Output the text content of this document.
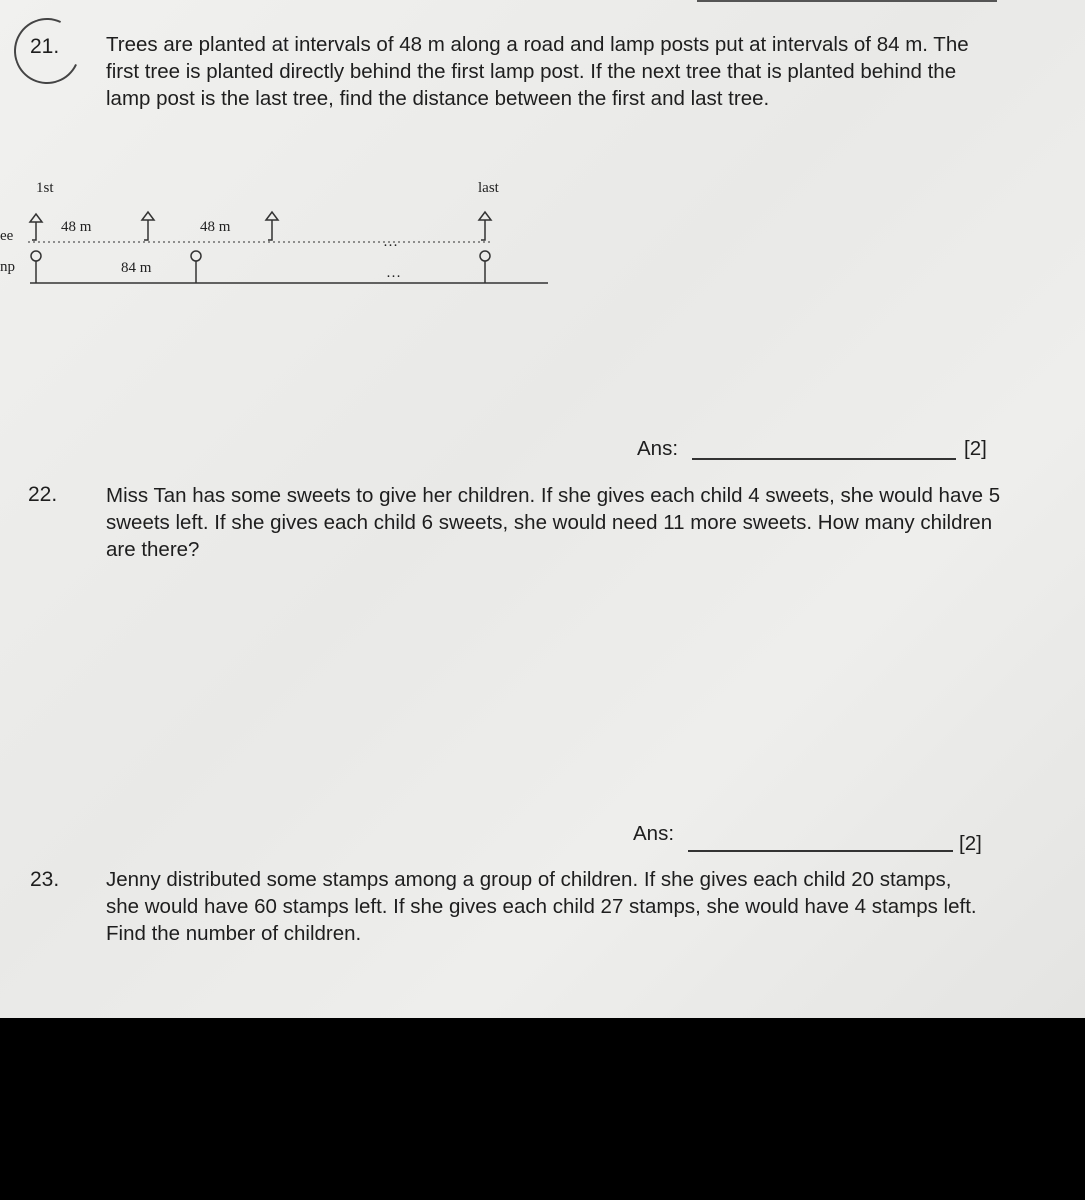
21. Trees are planted at intervals of 48 m along a road and lamp posts put at intervals of 84 m. The first tree is planted directly behind the first lamp post. If the next tree that is planted behind the lamp post is the last tree, find the distance between the first and last tree.
1st	last
ee
np
48 m	48 m
…
84 m	…
Ans:	[2]
22. Miss Tan has some sweets to give her children. If she gives each child 4 sweets, she would have 5 sweets left. If she gives each child 6 sweets, she would need 11 more sweets. How many children are there?
Ans:	[2]
23. Jenny distributed some stamps among a group of children. If she gives each child 20 stamps, she would have 60 stamps left. If she gives each child 27 stamps, she would have 4 stamps left. Find the number of children.
